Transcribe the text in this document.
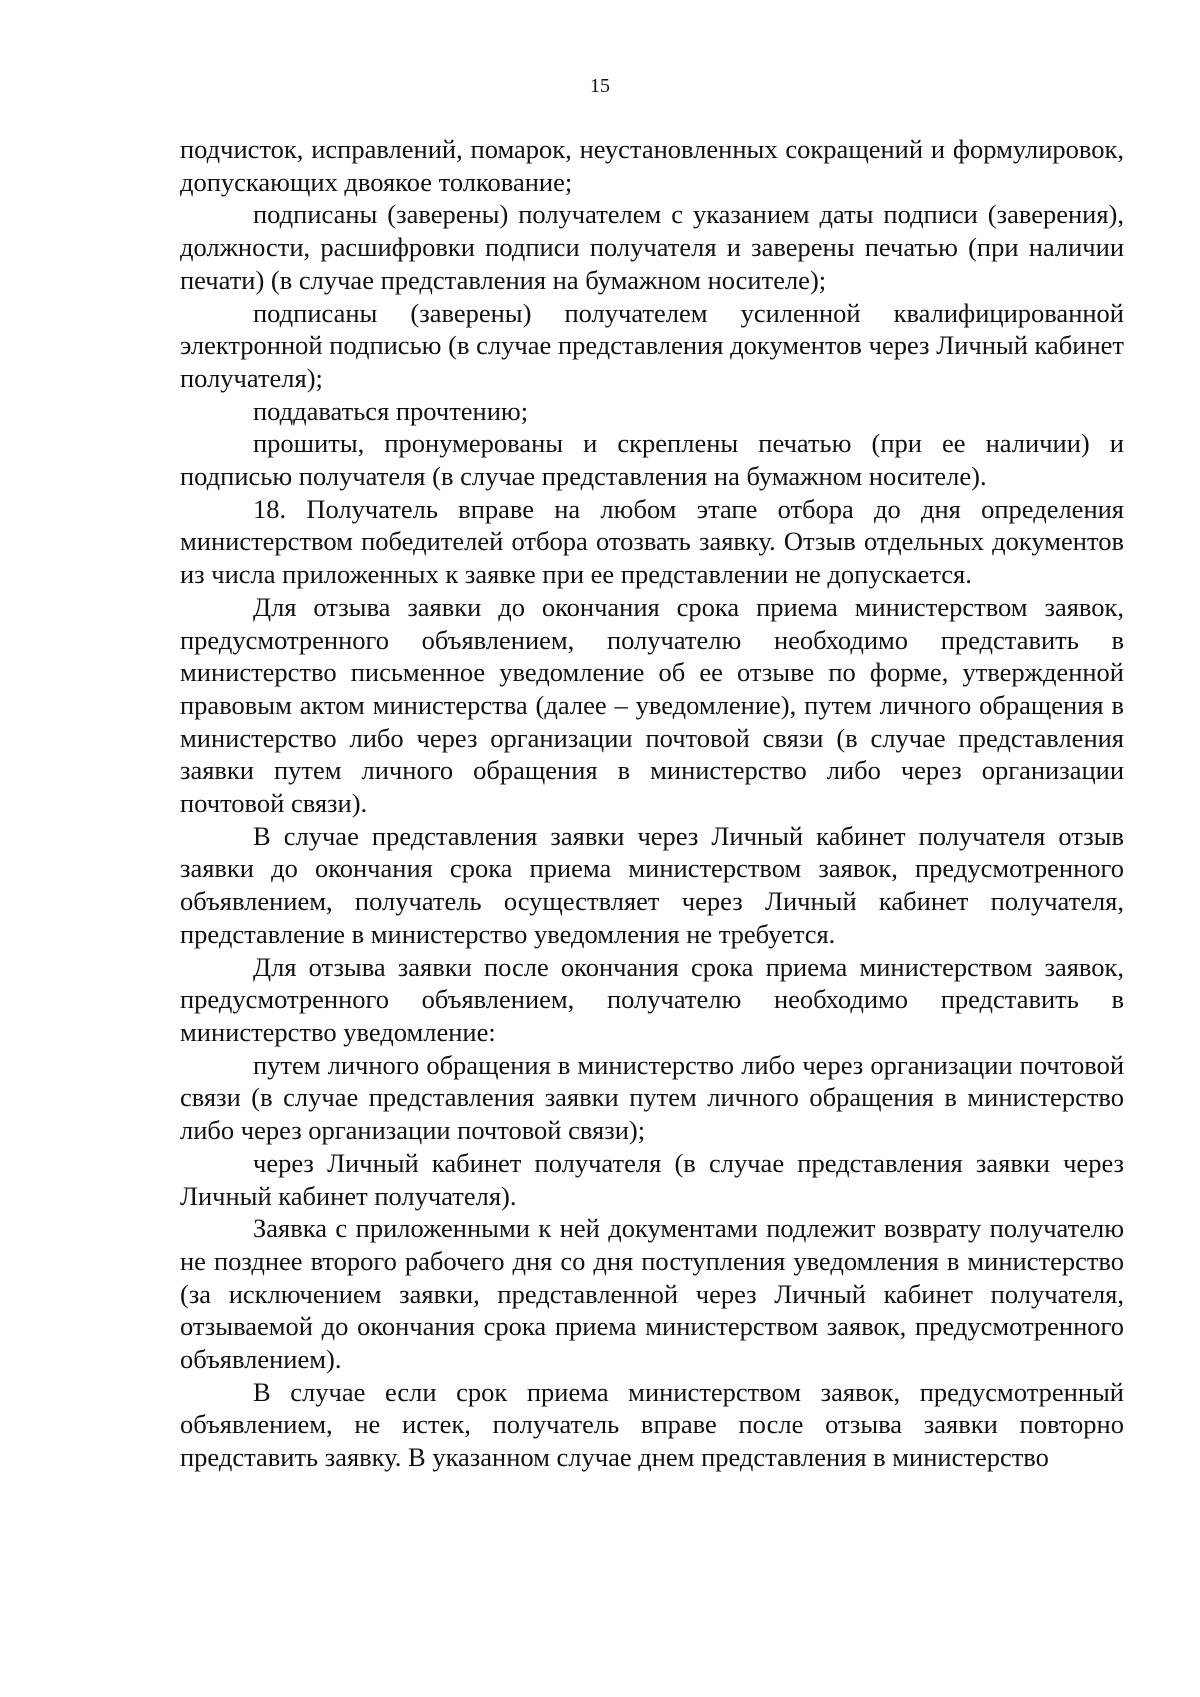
15

подчисток, исправлений, помарок, неустановленных сокращений и формулировок, допускающих двоякое толкование;

подписаны (заверены) получателем с указанием даты подписи (заверения), должности, расшифровки подписи получателя и заверены печатью (при наличии печати) (в случае представления на бумажном носителе);

подписаны (заверены) получателем усиленной квалифицированной электронной подписью (в случае представления документов через Личный кабинет получателя);

поддаваться прочтению;

прошиты, пронумерованы и скреплены печатью (при ее наличии) и подписью получателя (в случае представления на бумажном носителе).

18. Получатель вправе на любом этапе отбора до дня определения министерством победителей отбора отозвать заявку. Отзыв отдельных документов из числа приложенных к заявке при ее представлении не допускается.

Для отзыва заявки до окончания срока приема министерством заявок, предусмотренного объявлением, получателю необходимо представить в министерство письменное уведомление об ее отзыве по форме, утвержденной правовым актом министерства (далее – уведомление), путем личного обращения в министерство либо через организации почтовой связи (в случае представления заявки путем личного обращения в министерство либо через организации почтовой связи).

В случае представления заявки через Личный кабинет получателя отзыв заявки до окончания срока приема министерством заявок, предусмотренного объявлением, получатель осуществляет через Личный кабинет получателя, представление в министерство уведомления не требуется.

Для отзыва заявки после окончания срока приема министерством заявок, предусмотренного объявлением, получателю необходимо представить в министерство уведомление:

путем личного обращения в министерство либо через организации почтовой связи (в случае представления заявки путем личного обращения в министерство либо через организации почтовой связи);

через Личный кабинет получателя (в случае представления заявки через Личный кабинет получателя).

Заявка с приложенными к ней документами подлежит возврату получателю не позднее второго рабочего дня со дня поступления уведомления в министерство (за исключением заявки, представленной через Личный кабинет получателя, отзываемой до окончания срока приема министерством заявок, предусмотренного объявлением).

В случае если срок приема министерством заявок, предусмотренный объявлением, не истек, получатель вправе после отзыва заявки повторно представить заявку. В указанном случае днем представления в министерство
